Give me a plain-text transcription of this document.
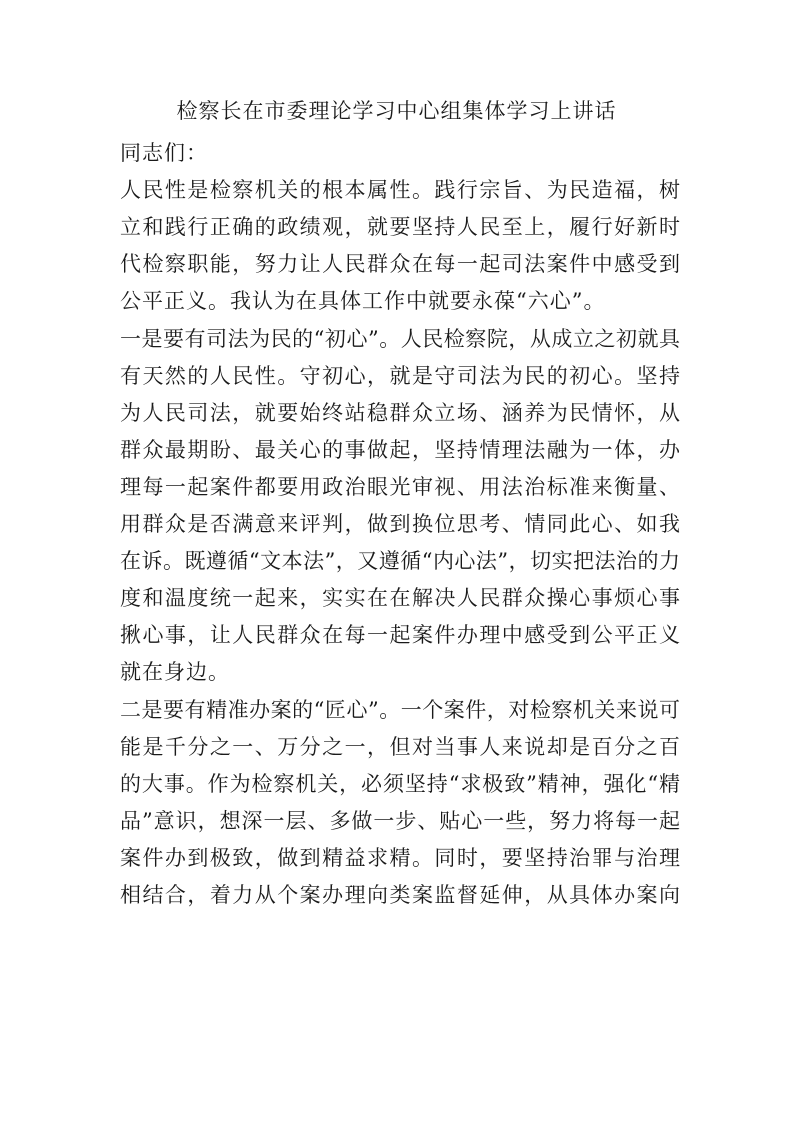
检察长在市委理论学习中心组集体学习上讲话
同志们：
人民性是检察机关的根本属性。践行宗旨、为民造福，树
立和践行正确的政绩观，就要坚持人民至上，履行好新时
代检察职能，努力让人民群众在每一起司法案件中感受到
公平正义。我认为在具体工作中就要永葆“六心”。
一是要有司法为民的“初心”。人民检察院，从成立之初就具
有天然的人民性。守初心，就是守司法为民的初心。坚持
为人民司法，就要始终站稳群众立场、涵养为民情怀，从
群众最期盼、最关心的事做起，坚持情理法融为一体，办
理每一起案件都要用政治眼光审视、用法治标准来衡量、
用群众是否满意来评判，做到换位思考、情同此心、如我
在诉。既遵循“文本法”，又遵循“内心法”，切实把法治的力
度和温度统一起来，实实在在解决人民群众操心事烦心事
揪心事，让人民群众在每一起案件办理中感受到公平正义
就在身边。
二是要有精准办案的“匠心”。一个案件，对检察机关来说可
能是千分之一、万分之一，但对当事人来说却是百分之百
的大事。作为检察机关，必须坚持“求极致”精神，强化“精
品”意识，想深一层、多做一步、贴心一些，努力将每一起
案件办到极致，做到精益求精。同时，要坚持治罪与治理
相结合，着力从个案办理向类案监督延伸，从具体办案向
